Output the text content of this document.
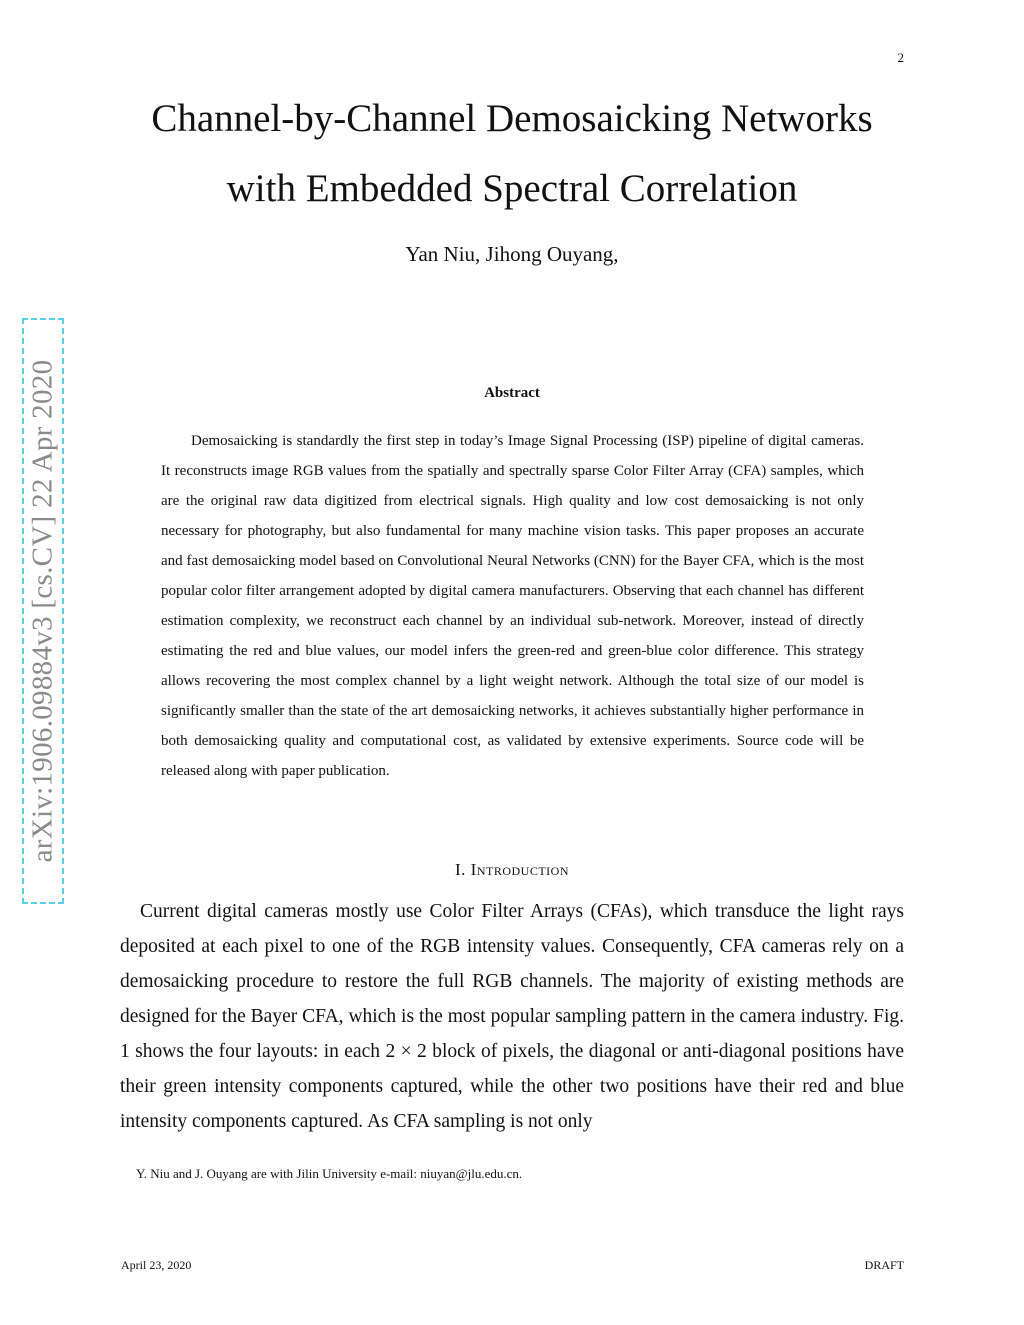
2
Channel-by-Channel Demosaicking Networks
with Embedded Spectral Correlation
Yan Niu, Jihong Ouyang,
arXiv:1906.09884v3 [cs.CV] 22 Apr 2020	Abstract

Demosaicking is standardly the first step in today’s Image Signal Processing (ISP) pipeline of digital cameras. It reconstructs image RGB values from the spatially and spectrally sparse Color Filter Array (CFA) samples, which are the original raw data digitized from electrical signals. High quality and low cost demosaicking is not only necessary for photography, but also fundamental for many machine vision tasks. This paper proposes an accurate and fast demosaicking model based on Convolutional Neural Networks (CNN) for the Bayer CFA, which is the most popular color filter arrangement adopted by digital camera manufacturers. Observing that each channel has different estimation complexity, we reconstruct each channel by an individual sub-network. Moreover, instead of directly estimating the red and blue values, our model infers the green-red and green-blue color difference. This strategy allows recovering the most complex channel by a light weight network. Although the total size of our model is significantly smaller than the state of the art demosaicking networks, it achieves substantially higher performance in both demosaicking quality and computational cost, as validated by extensive experiments. Source code will be released along with paper publication.

I. Introduction

Current digital cameras mostly use Color Filter Arrays (CFAs), which transduce the light rays deposited at each pixel to one of the RGB intensity values. Consequently, CFA cameras rely on a demosaicking procedure to restore the full RGB channels. The majority of existing methods are designed for the Bayer CFA, which is the most popular sampling pattern in the camera industry. Fig. 1 shows the four layouts: in each 2 × 2 block of pixels, the diagonal or anti-diagonal positions have their green intensity components captured, while the other two positions have their red and blue intensity components captured. As CFA sampling is not only

Y. Niu and J. Ouyang are with Jilin University e-mail: niuyan@jlu.edu.cn.
April 23, 2020	DRAFT
